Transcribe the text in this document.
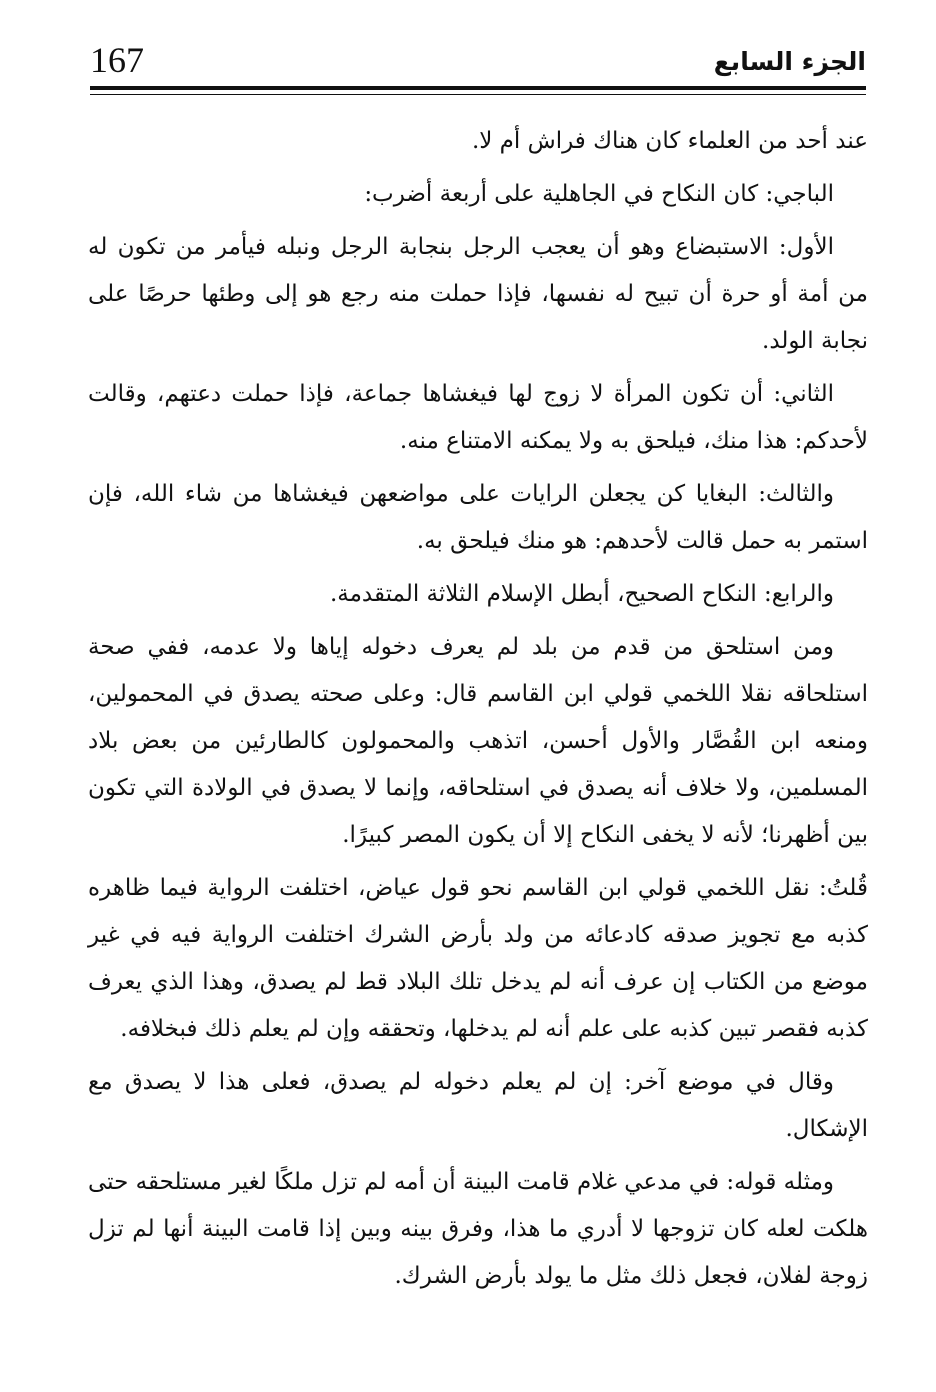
167	الجزء السابع

عند أحد من العلماء كان هناك فراش أم لا.

الباجي: كان النكاح في الجاهلية على أربعة أضرب:

الأول: الاستبضاع وهو أن يعجب الرجل بنجابة الرجل ونبله فيأمر من تكون له من أمة أو حرة أن تبيح له نفسها، فإذا حملت منه رجع هو إلى وطئها حرصًا على نجابة الولد.

الثاني: أن تكون المرأة لا زوج لها فيغشاها جماعة، فإذا حملت دعتهم، وقالت لأحدكم: هذا منك، فيلحق به ولا يمكنه الامتناع منه.

والثالث: البغايا كن يجعلن الرايات على مواضعهن فيغشاها من شاء الله، فإن استمر به حمل قالت لأحدهم: هو منك فيلحق به.

والرابع: النكاح الصحيح، أبطل الإسلام الثلاثة المتقدمة.

ومن استلحق من قدم من بلد لم يعرف دخوله إياها ولا عدمه، ففي صحة استلحاقه نقلا اللخمي قولي ابن القاسم قال: وعلى صحته يصدق في المحمولين، ومنعه ابن القُصَّار والأول أحسن، اتذهب والمحمولون كالطارئين من بعض بلاد المسلمين، ولا خلاف أنه يصدق في استلحاقه، وإنما لا يصدق في الولادة التي تكون بين أظهرنا؛ لأنه لا يخفى النكاح إلا أن يكون المصر كبيرًا.

قُلتُ: نقل اللخمي قولي ابن القاسم نحو قول عياض، اختلفت الرواية فيما ظاهره كذبه مع تجويز صدقه كادعائه من ولد بأرض الشرك اختلفت الرواية فيه في غير موضع من الكتاب إن عرف أنه لم يدخل تلك البلاد قط لم يصدق، وهذا الذي يعرف كذبه فقصر تبين كذبه على علم أنه لم يدخلها، وتحققه وإن لم يعلم ذلك فبخلافه.

وقال في موضع آخر: إن لم يعلم دخوله لم يصدق، فعلى هذا لا يصدق مع الإشكال.

ومثله قوله: في مدعي غلام قامت البينة أن أمه لم تزل ملكًا لغير مستلحقه حتى هلكت لعله كان تزوجها لا أدري ما هذا، وفرق بينه وبين إذا قامت البينة أنها لم تزل زوجة لفلان، فجعل ذلك مثل ما يولد بأرض الشرك.
